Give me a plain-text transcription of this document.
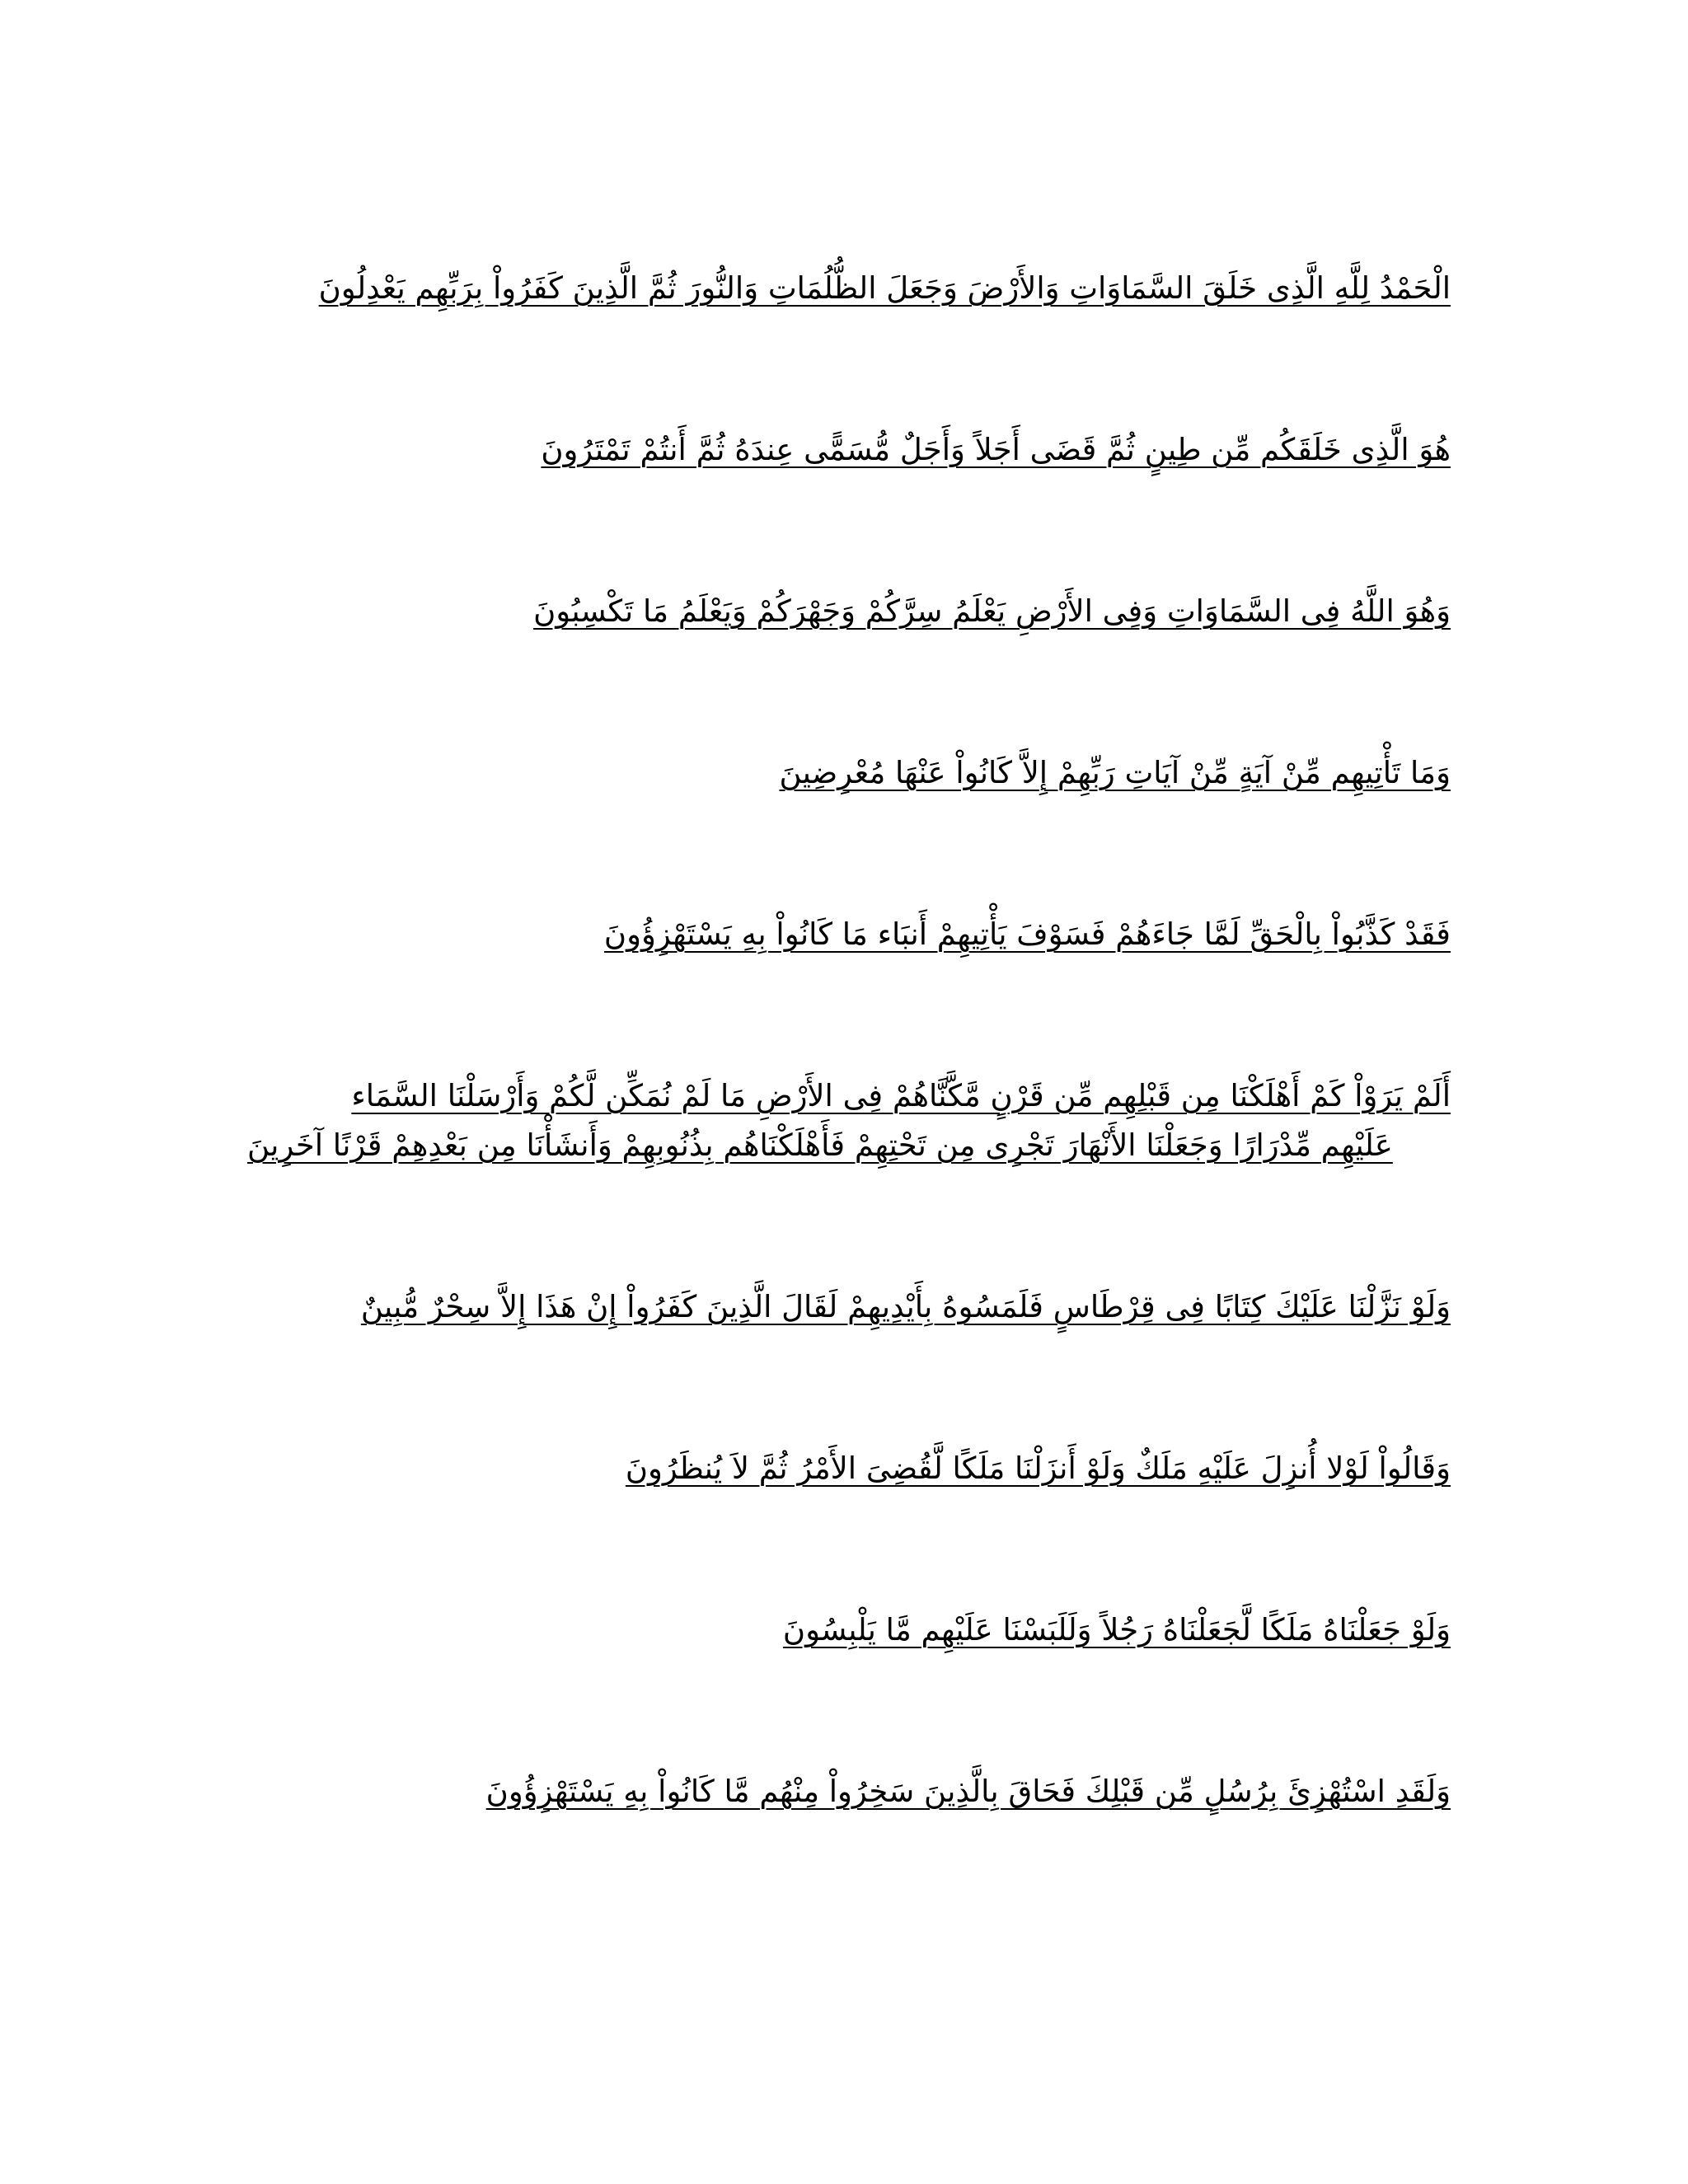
الْحَمْدُ لِلَّهِ الَّذِى خَلَقَ السَّمَاوَاتِ وَالأَرْضَ وَجَعَلَ الظُّلُمَاتِ وَالنُّورَ ثُمَّ الَّذِينَ كَفَرُواْ بِرَبِّهِم يَعْدِلُونَ
هُوَ الَّذِى خَلَقَكُم مِّن طِينٍ ثُمَّ قَضَى أَجَلاً وَأَجَلٌ مُّسَمًّى عِندَهُ ثُمَّ أَنتُمْ تَمْتَرُونَ
وَهُوَ اللَّهُ فِى السَّمَاوَاتِ وَفِى الأَرْضِ يَعْلَمُ سِرَّكُمْ وَجَهْرَكُمْ وَيَعْلَمُ مَا تَكْسِبُونَ
وَمَا تَأْتِيهِم مِّنْ آيَةٍ مِّنْ آيَاتِ رَبِّهِمْ إِلاَّ كَانُواْ عَنْهَا مُعْرِضِينَ
فَقَدْ كَذَّبُواْ بِالْحَقِّ لَمَّا جَاءَهُمْ فَسَوْفَ يَأْتِيهِمْ أَنبَاء مَا كَانُواْ بِهِ يَسْتَهْزِؤُونَ
أَلَمْ يَرَوْاْ كَمْ أَهْلَكْنَا مِن قَبْلِهِم مِّن قَرْنٍ مَّكَّنَّاهُمْ فِى الأَرْضِ مَا لَمْ نُمَكِّن لَّكُمْ وَأَرْسَلْنَا السَّمَاء
عَلَيْهِم مِّدْرَارًا وَجَعَلْنَا الأَنْهَارَ تَجْرِى مِن تَحْتِهِمْ فَأَهْلَكْنَاهُم بِذُنُوبِهِمْ وَأَنشَأْنَا مِن بَعْدِهِمْ قَرْنًا آخَرِينَ
وَلَوْ نَزَّلْنَا عَلَيْكَ كِتَابًا فِى قِرْطَاسٍ فَلَمَسُوهُ بِأَيْدِيهِمْ لَقَالَ الَّذِينَ كَفَرُواْ إِنْ هَذَا إِلاَّ سِحْرٌ مُّبِينٌ
وَقَالُواْ لَوْلا أُنزِلَ عَلَيْهِ مَلَكٌ وَلَوْ أَنزَلْنَا مَلَكًا لَّقُضِىَ الأَمْرُ ثُمَّ لاَ يُنظَرُونَ
وَلَوْ جَعَلْنَاهُ مَلَكًا لَّجَعَلْنَاهُ رَجُلاً وَلَلَبَسْنَا عَلَيْهِم مَّا يَلْبِسُونَ
وَلَقَدِ اسْتُهْزِئَ بِرُسُلٍ مِّن قَبْلِكَ فَحَاقَ بِالَّذِينَ سَخِرُواْ مِنْهُم مَّا كَانُواْ بِهِ يَسْتَهْزِؤُونَ
